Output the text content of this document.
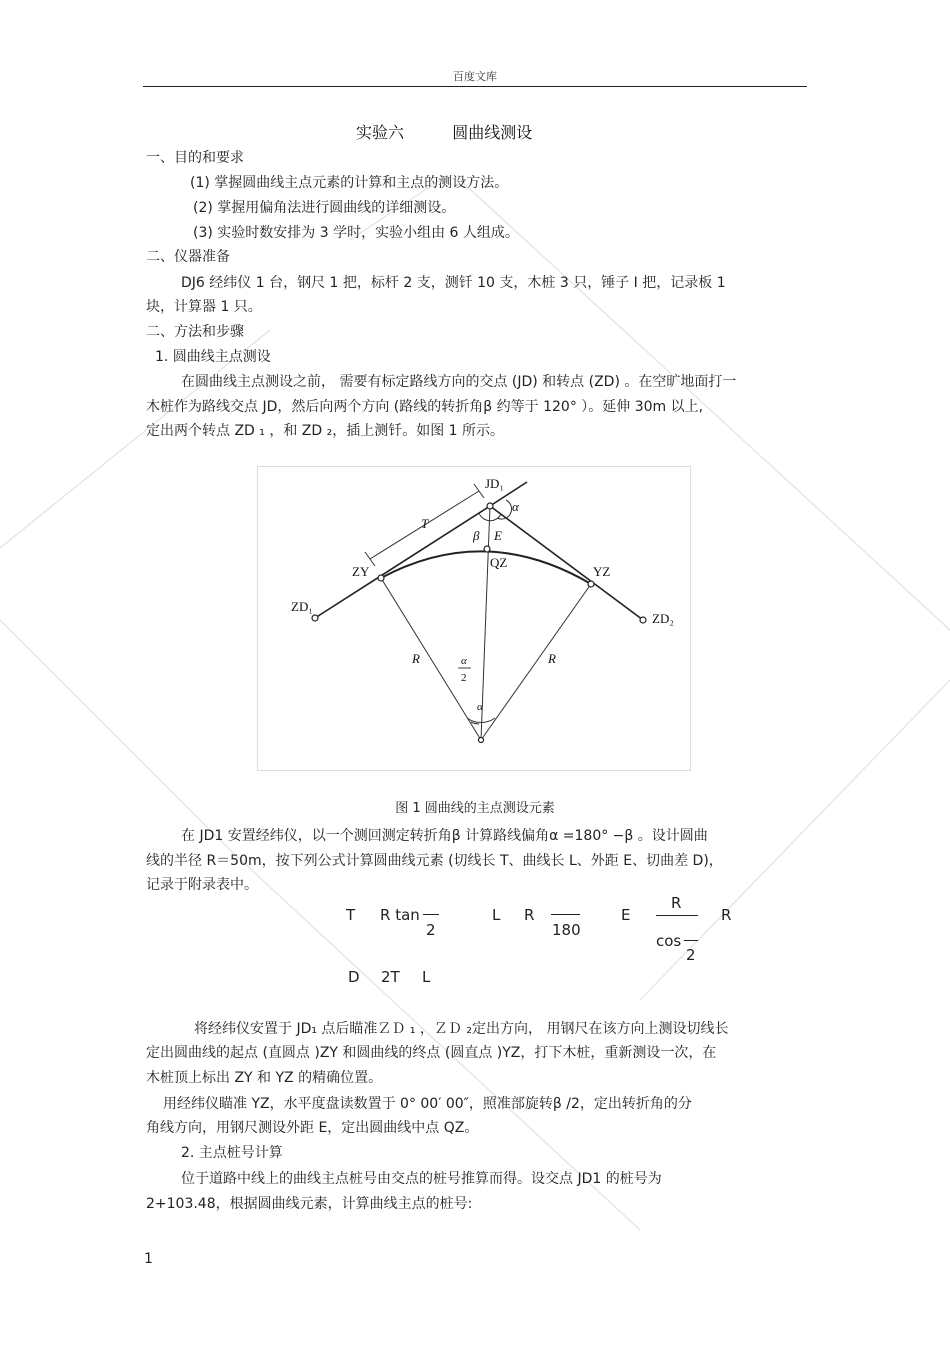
百度文库
实验六	圆曲线测设
一、目的和要求
(1) 掌握圆曲线主点元素的计算和主点的测设方法。
(2) 掌握用偏角法进行圆曲线的详细测设。
(3) 实验时数安排为 3 学时，实验小组由 6 人组成。
二、仪器准备
DJ6 经纬仪 1 台，钢尺 1 把，标杆 2 支，测钎 10 支，木桩 3 只，锤子 I 把，记录板 1
块，计算器 1 只。
二、方法和步骤
1. 圆曲线主点测设
在圆曲线主点测设之前， 需要有标定路线方向的交点 (JD) 和转点 (ZD) 。在空旷地面打一
木桩作为路线交点 JD，然后向两个方向 (路线的转折角β 约等于 120° ）。延伸 30m 以上,
定出两个转点 ZD ₁ ，和 ZD ₂，插上测钎。如图 1 所示。
JD₁
α
β E
T
ZY
QZ
YZ
ZD₁
ZD₂
R	R
α
2
α
图 1 圆曲线的主点测设元素
在 JD1 安置经纬仪，以一个测回测定转折角β 计算路线偏角α =180° −β 。设计圆曲
线的半径 R＝50m，按下列公式计算圆曲线元素 (切线长 T、曲线长 L、外距 E、切曲差 D)，
记录于附录表中。
T R tan
2
L R
180
E
R
cos
2
R
D 2T L
将经纬仪安置于 JD₁ 点后瞄准ＺＤ ₁ ，ＺＤ ₂定出方向， 用钢尺在该方向上测设切线长
定出圆曲线的起点 (直圆点 )ZY 和圆曲线的终点 (圆直点 )YZ，打下木桩，重新测设一次，在
木桩顶上标出 ZY 和 YZ 的精确位置。
用经纬仪瞄准 YZ，水平度盘读数置于 0° 00′ 00″，照准部旋转β /2，定出转折角的分
角线方向，用钢尺测设外距 E，定出圆曲线中点 QZ。
2. 主点桩号计算
位于道路中线上的曲线主点桩号由交点的桩号推算而得。设交点 JD1 的桩号为
2+103.48，根据圆曲线元素，计算曲线主点的桩号:
1
